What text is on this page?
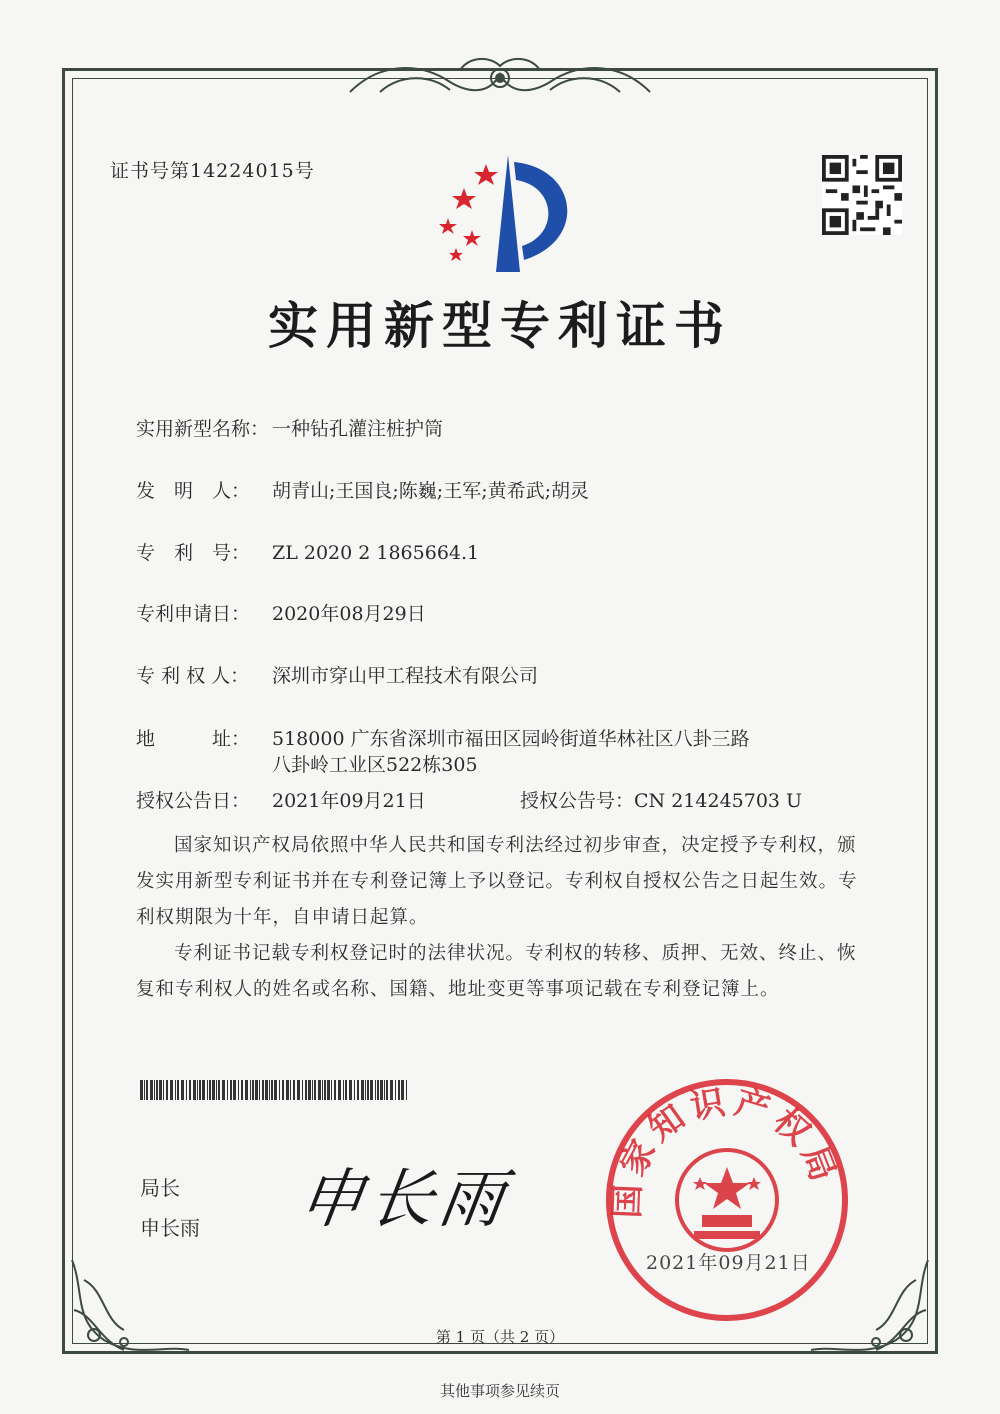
证书号第14224015号
实用新型专利证书
实用新型名称： 一种钻孔灌注桩护筒
发　明　人： 胡青山;王国良;陈巍;王军;黄希武;胡灵
专　利　号： ZL 2020 2 1865664.1
专利申请日： 2020年08月29日
专 利 权 人： 深圳市穿山甲工程技术有限公司
地　　　址： 518000 广东省深圳市福田区园岭街道华林社区八卦三路
八卦岭工业区522栋305
授权公告日： 2021年09月21日	授权公告号：CN 214245703 U
国家知识产权局依照中华人民共和国专利法经过初步审查，决定授予专利权，颁发实用新型专利证书并在专利登记簿上予以登记。专利权自授权公告之日起生效。专利权期限为十年，自申请日起算。
专利证书记载专利权登记时的法律状况。专利权的转移、质押、无效、终止、恢复和专利权人的姓名或名称、国籍、地址变更等事项记载在专利登记簿上。
局长
申长雨 申长雨	国家知识产权局
2021年09月21日
第 1 页（共 2 页）
其他事项参见续页
